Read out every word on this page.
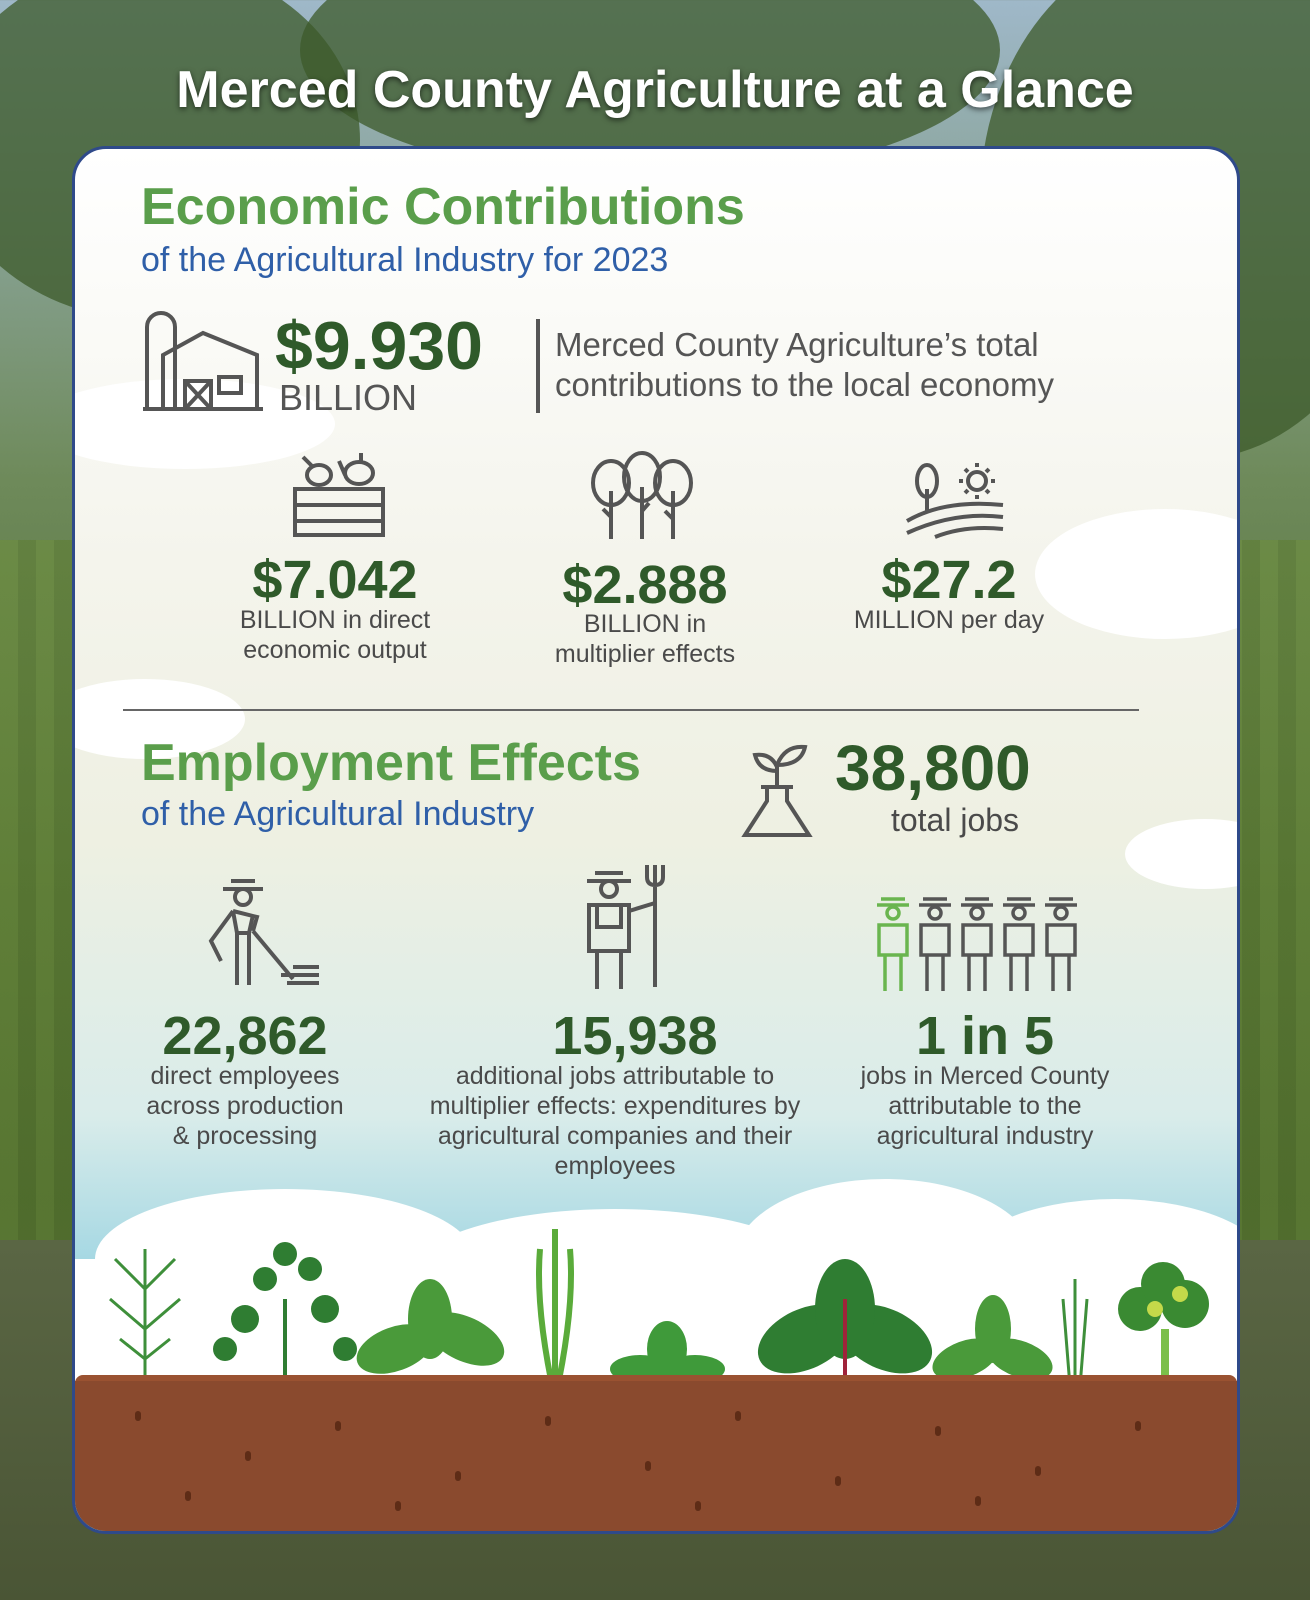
Merced County Agriculture at a Glance
Economic Contributions
of the Agricultural Industry for 2023
$9.930
BILLION
Merced County Agriculture’s total
contributions to the local economy
$7.042
BILLION in direct
economic output
$2.888
BILLION in
multiplier effects
$27.2
MILLION per day
Employment Effects
of the Agricultural Industry
38,800
total jobs
22,862
direct employees
across production
& processing
15,938
additional jobs attributable to
multiplier effects: expenditures by
agricultural companies and their
employees
1 in 5
jobs in Merced County
attributable to the
agricultural industry
